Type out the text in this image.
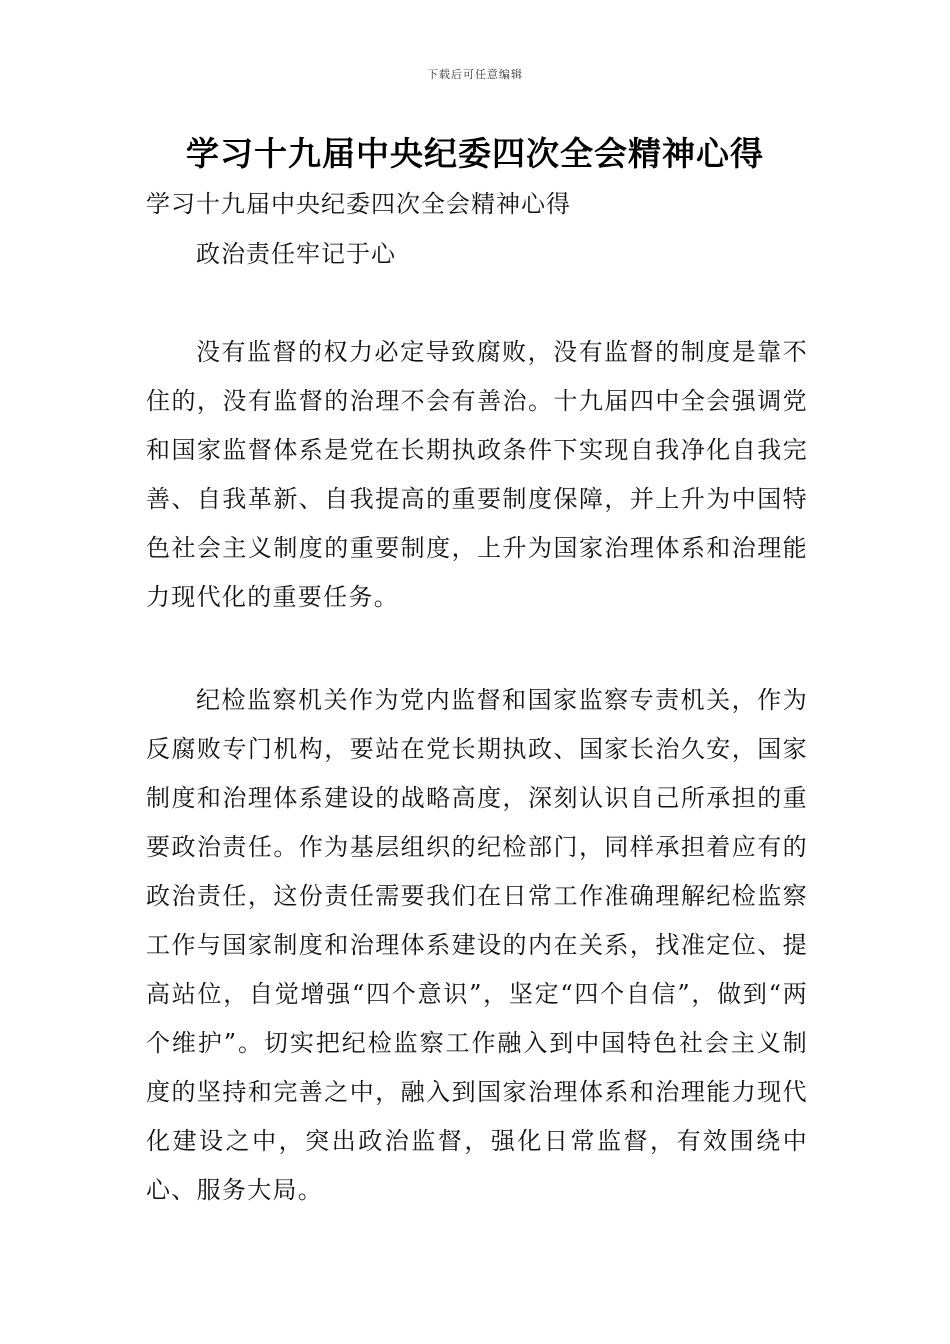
下载后可任意编辑
学习十九届中央纪委四次全会精神心得
学习十九届中央纪委四次全会精神心得
政治责任牢记于心

没有监督的权力必定导致腐败，没有监督的制度是靠不住的，没有监督的治理不会有善治。十九届四中全会强调党和国家监督体系是党在长期执政条件下实现自我净化自我完善、自我革新、自我提高的重要制度保障，并上升为中国特色社会主义制度的重要制度，上升为国家治理体系和治理能力现代化的重要任务。

纪检监察机关作为党内监督和国家监察专责机关，作为反腐败专门机构，要站在党长期执政、国家长治久安，国家制度和治理体系建设的战略高度，深刻认识自己所承担的重要政治责任。作为基层组织的纪检部门，同样承担着应有的政治责任，这份责任需要我们在日常工作准确理解纪检监察工作与国家制度和治理体系建设的内在关系，找准定位、提高站位，自觉增强“四个意识”，坚定“四个自信”，做到“两个维护”。切实把纪检监察工作融入到中国特色社会主义制度的坚持和完善之中，融入到国家治理体系和治理能力现代化建设之中，突出政治监督，强化日常监督，有效围绕中心、服务大局。
